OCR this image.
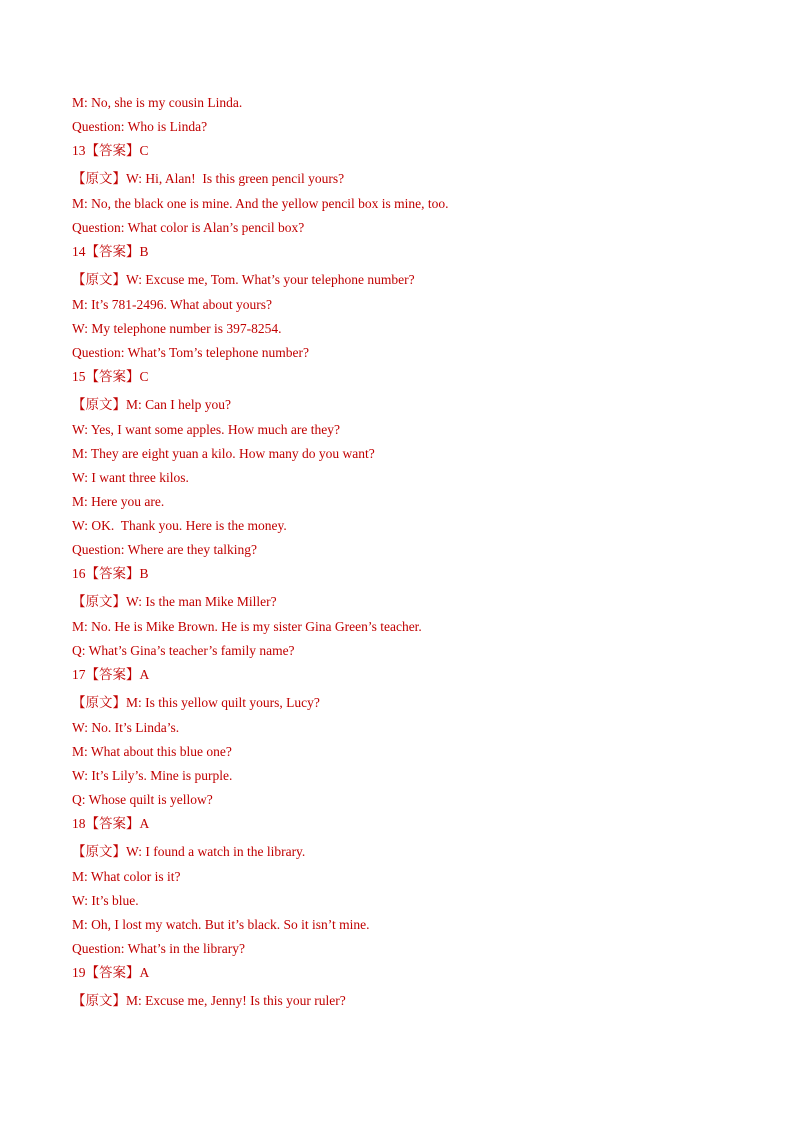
M: No, she is my cousin Linda.
Question: Who is Linda?
13【答案】C
【原文】W: Hi, Alan!  Is this green pencil yours?
M: No, the black one is mine. And the yellow pencil box is mine, too.
Question: What color is Alan’s pencil box?
14【答案】B
【原文】W: Excuse me, Tom. What’s your telephone number?
M: It’s 781-2496. What about yours?
W: My telephone number is 397-8254.
Question: What’s Tom’s telephone number?
15【答案】C
【原文】M: Can I help you?
W: Yes, I want some apples. How much are they?
M: They are eight yuan a kilo. How many do you want?
W: I want three kilos.
M: Here you are.
W: OK.  Thank you. Here is the money.
Question: Where are they talking?
16【答案】B
【原文】W: Is the man Mike Miller?
M: No. He is Mike Brown. He is my sister Gina Green’s teacher.
Q: What’s Gina’s teacher’s family name?
17【答案】A
【原文】M: Is this yellow quilt yours, Lucy?
W: No. It’s Linda’s.
M: What about this blue one?
W: It’s Lily’s. Mine is purple.
Q: Whose quilt is yellow?
18【答案】A
【原文】W: I found a watch in the library.
M: What color is it?
W: It’s blue.
M: Oh, I lost my watch. But it’s black. So it isn’t mine.
Question: What’s in the library?
19【答案】A
【原文】M: Excuse me, Jenny! Is this your ruler?
